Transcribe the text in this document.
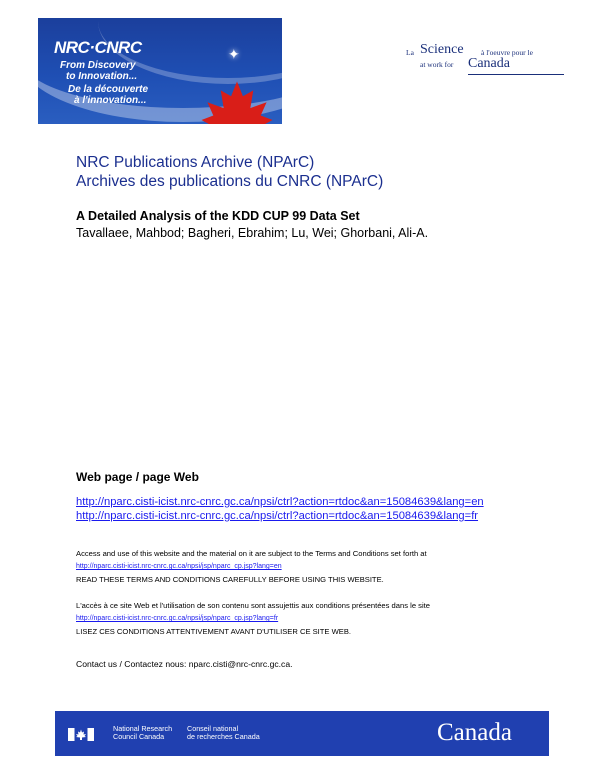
NRC·CNRC
From Discovery
to Innovation...
De la découverte
à l'innovation...
✦	La Science à l'oeuvre pour le
at work for Canada
NRC Publications Archive (NPArC)
Archives des publications du CNRC (NPArC)
A Detailed Analysis of the KDD CUP 99 Data Set
Tavallaee, Mahbod; Bagheri, Ebrahim; Lu, Wei; Ghorbani, Ali-A.
Web page / page Web
http://nparc.cisti-icist.nrc-cnrc.gc.ca/npsi/ctrl?action=rtdoc&an=15084639&lang=en
http://nparc.cisti-icist.nrc-cnrc.gc.ca/npsi/ctrl?action=rtdoc&an=15084639&lang=fr
Access and use of this website and the material on it are subject to the Terms and Conditions set forth at
http://nparc.cisti-icist.nrc-cnrc.gc.ca/npsi/jsp/nparc_cp.jsp?lang=en
READ THESE TERMS AND CONDITIONS CAREFULLY BEFORE USING THIS WEBSITE.
L'accès à ce site Web et l'utilisation de son contenu sont assujettis aux conditions présentées dans le site
http://nparc.cisti-icist.nrc-cnrc.gc.ca/npsi/jsp/nparc_cp.jsp?lang=fr
LISEZ CES CONDITIONS ATTENTIVEMENT AVANT D'UTILISER CE SITE WEB.
Contact us / Contactez nous: nparc.cisti@nrc-cnrc.gc.ca.
National Research
Council Canada
Conseil national
de recherches Canada	Canada
